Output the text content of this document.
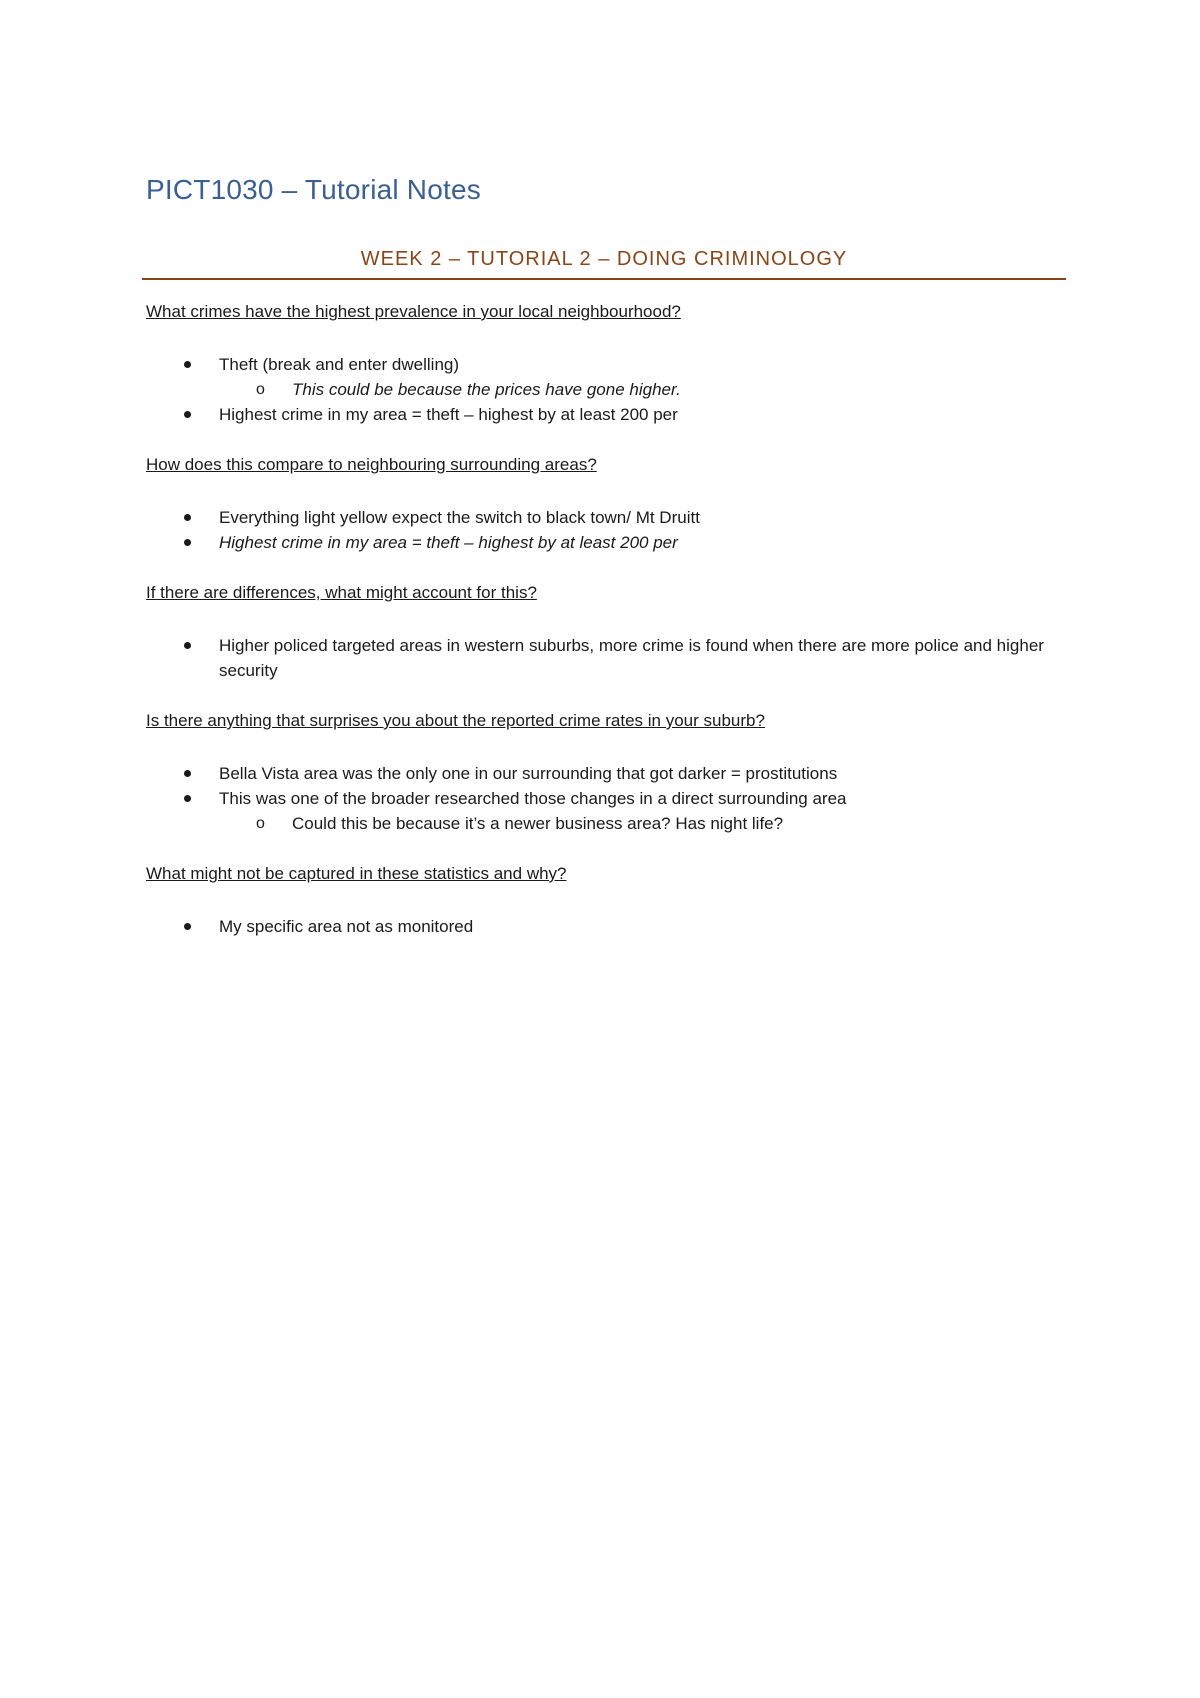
PICT1030 – Tutorial Notes
WEEK 2 – TUTORIAL 2 – DOING CRIMINOLOGY

What crimes have the highest prevalence in your local neighbourhood?

Theft (break and enter dwelling)
o This could be because the prices have gone higher.
Highest crime in my area = theft – highest by at least 200 per

How does this compare to neighbouring surrounding areas?

Everything light yellow expect the switch to black town/ Mt Druitt
Highest crime in my area = theft – highest by at least 200 per

If there are differences, what might account for this?

Higher policed targeted areas in western suburbs, more crime is found when there are more police and higher security

Is there anything that surprises you about the reported crime rates in your suburb?

Bella Vista area was the only one in our surrounding that got darker = prostitutions
This was one of the broader researched those changes in a direct surrounding area
o Could this be because it’s a newer business area? Has night life?

What might not be captured in these statistics and why?

My specific area not as monitored
